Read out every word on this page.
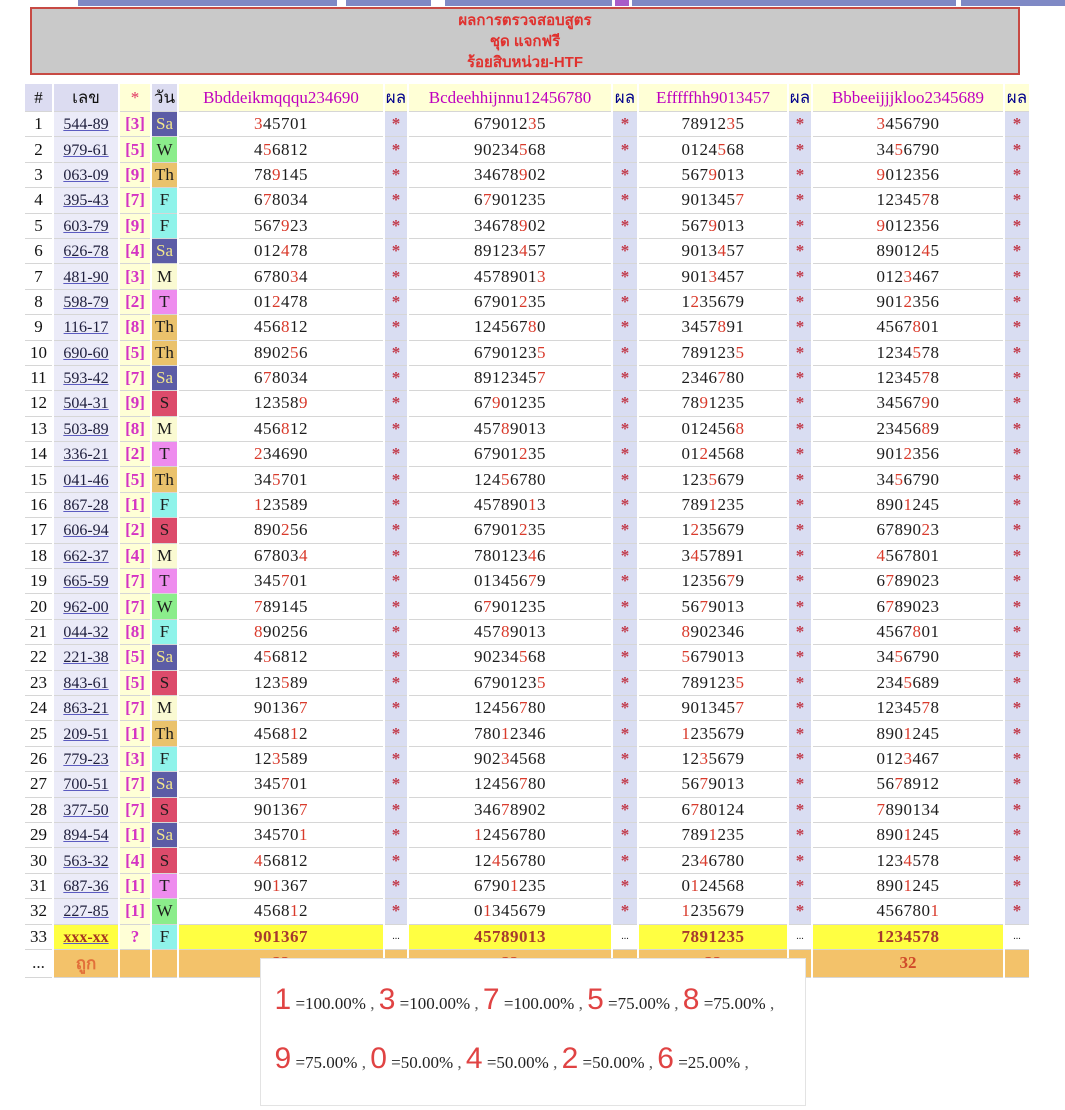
ผลการตรวจสอบสูตร
ชุด แจกฟรี
ร้อยสิบหน่วย-HTF
#	เลข	*	วัน	Bbddeikmqqqu234690	ผล	Bcdeehhijnnu12456780	ผล	Efffffhh9013457	ผล	Bbbeeijjjkloo2345689	ผล
1	544-89	[3]	Sa	345701	*	67901235	*	7891235	*	3456790	*
2	979-61	[5]	W	456812	*	90234568	*	0124568	*	3456790	*
3	063-09	[9]	Th	789145	*	34678902	*	5679013	*	9012356	*
4	395-43	[7]	F	678034	*	67901235	*	9013457	*	1234578	*
5	603-79	[9]	F	567923	*	34678902	*	5679013	*	9012356	*
6	626-78	[4]	Sa	012478	*	89123457	*	9013457	*	8901245	*
7	481-90	[3]	M	678034	*	45789013	*	9013457	*	0123467	*
8	598-79	[2]	T	012478	*	67901235	*	1235679	*	9012356	*
9	116-17	[8]	Th	456812	*	12456780	*	3457891	*	4567801	*
10	690-60	[5]	Th	890256	*	67901235	*	7891235	*	1234578	*
11	593-42	[7]	Sa	678034	*	89123457	*	2346780	*	1234578	*
12	504-31	[9]	S	123589	*	67901235	*	7891235	*	3456790	*
13	503-89	[8]	M	456812	*	45789013	*	0124568	*	2345689	*
14	336-21	[2]	T	234690	*	67901235	*	0124568	*	9012356	*
15	041-46	[5]	Th	345701	*	12456780	*	1235679	*	3456790	*
16	867-28	[1]	F	123589	*	45789013	*	7891235	*	8901245	*
17	606-94	[2]	S	890256	*	67901235	*	1235679	*	6789023	*
18	662-37	[4]	M	678034	*	78012346	*	3457891	*	4567801	*
19	665-59	[7]	T	345701	*	01345679	*	1235679	*	6789023	*
20	962-00	[7]	W	789145	*	67901235	*	5679013	*	6789023	*
21	044-32	[8]	F	890256	*	45789013	*	8902346	*	4567801	*
22	221-38	[5]	Sa	456812	*	90234568	*	5679013	*	3456790	*
23	843-61	[5]	S	123589	*	67901235	*	7891235	*	2345689	*
24	863-21	[7]	M	901367	*	12456780	*	9013457	*	1234578	*
25	209-51	[1]	Th	456812	*	78012346	*	1235679	*	8901245	*
26	779-23	[3]	F	123589	*	90234568	*	1235679	*	0123467	*
27	700-51	[7]	Sa	345701	*	12456780	*	5679013	*	5678912	*
28	377-50	[7]	S	901367	*	34678902	*	6780124	*	7890134	*
29	894-54	[1]	Sa	345701	*	12456780	*	7891235	*	8901245	*
30	563-32	[4]	S	456812	*	12456780	*	2346780	*	1234578	*
31	687-36	[1]	T	901367	*	67901235	*	0124568	*	8901245	*
32	227-85	[1]	W	456812	*	01345679	*	1235679	*	4567801	*
33	xxx-xx	?	F	901367	...	45789013	...	7891235	...	1234578	...
...	ถูก									32	
1 =100.00% , 3 =100.00% , 7 =100.00% , 5 =75.00% , 8 =75.00% , 9 =75.00% , 0 =50.00% , 4 =50.00% , 2 =50.00% , 6 =25.00% ,
